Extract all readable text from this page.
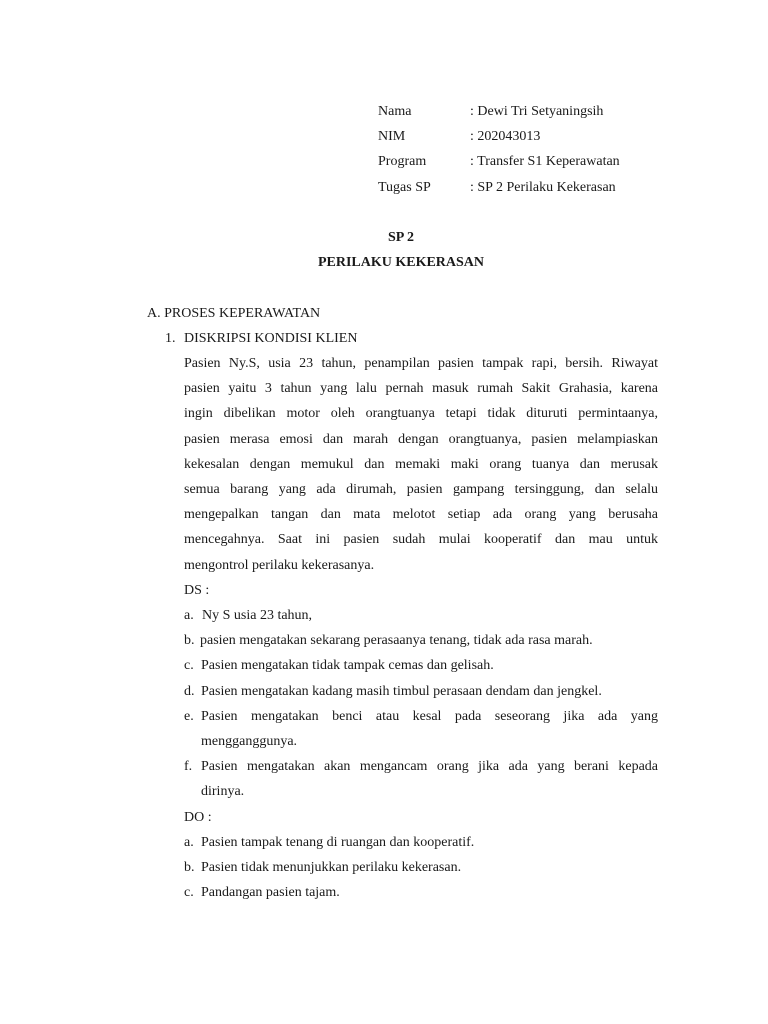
Nama	: Dewi Tri Setyaningsih
NIM	: 202043013
Program	: Transfer S1 Keperawatan
Tugas SP	: SP 2 Perilaku Kekerasan
SP 2
PERILAKU KEKERASAN
A. PROSES KEPERAWATAN
1. DISKRIPSI KONDISI KLIEN
Pasien Ny.S, usia 23 tahun, penampilan pasien tampak rapi, bersih. Riwayat
pasien yaitu 3 tahun yang lalu pernah masuk rumah Sakit Grahasia, karena
ingin dibelikan motor oleh orangtuanya tetapi tidak dituruti permintaanya,
pasien merasa emosi dan marah dengan orangtuanya, pasien melampiaskan
kekesalan dengan memukul dan memaki maki orang tuanya dan merusak
semua barang yang ada dirumah, pasien gampang tersinggung, dan selalu
mengepalkan tangan dan mata melotot setiap ada orang yang berusaha
mencegahnya. Saat ini pasien sudah mulai kooperatif dan mau untuk
mengontrol perilaku kekerasanya.
DS :
a. Ny S usia 23 tahun,
b. pasien mengatakan sekarang perasaanya tenang, tidak ada rasa marah.
c. Pasien mengatakan tidak tampak cemas dan gelisah.
d. Pasien mengatakan kadang masih timbul perasaan dendam dan jengkel.
e. Pasien mengatakan benci atau kesal pada seseorang jika ada yang
mengganggunya.
f. Pasien mengatakan akan mengancam orang jika ada yang berani kepada
dirinya.
DO :
a. Pasien tampak tenang di ruangan dan kooperatif.
b. Pasien tidak menunjukkan perilaku kekerasan.
c. Pandangan pasien tajam.
